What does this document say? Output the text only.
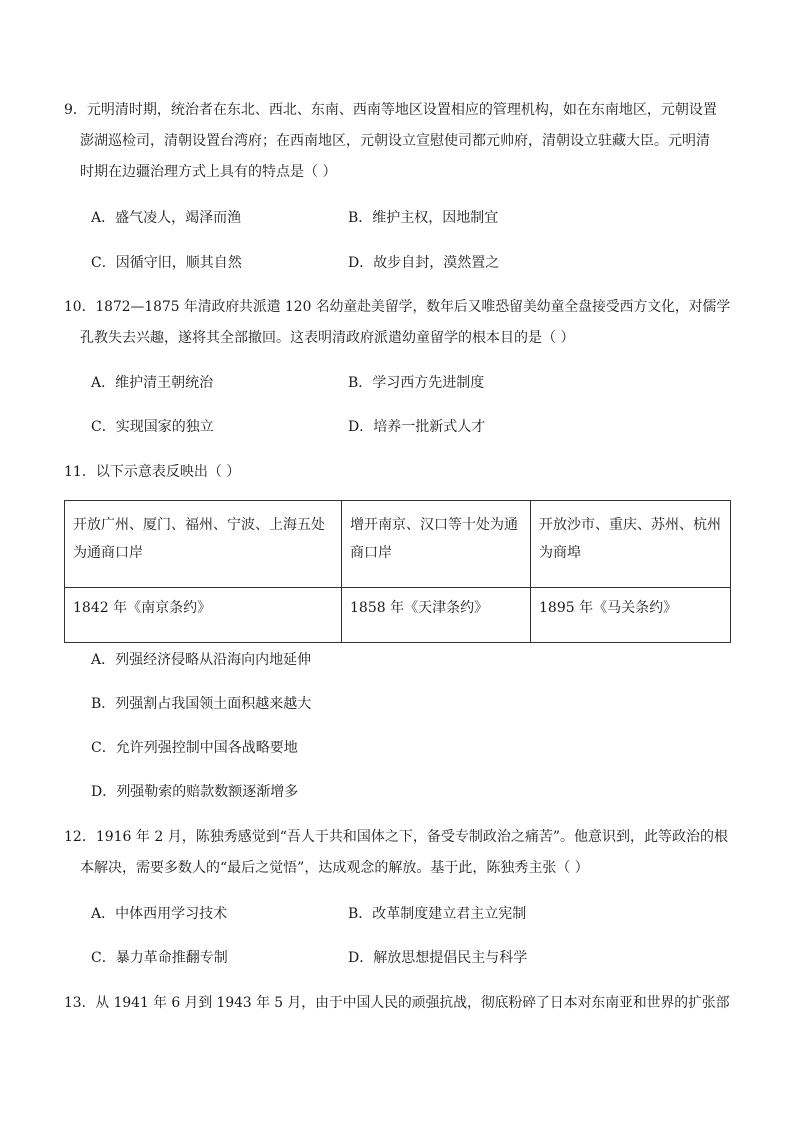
9．元明清时期，统治者在东北、西北、东南、西南等地区设置相应的管理机构，如在东南地区，元朝设置
澎湖巡检司，清朝设置台湾府；在西南地区，元朝设立宣慰使司都元帅府，清朝设立驻藏大臣。元明清
时期在边疆治理方式上具有的特点是（ ）
A．盛气凌人，竭泽而渔	B．维护主权，因地制宜
C．因循守旧，顺其自然	D．故步自封，漠然置之
10．1872—1875 年清政府共派遣 120 名幼童赴美留学，数年后又唯恐留美幼童全盘接受西方文化，对儒学
孔教失去兴趣，遂将其全部撤回。这表明清政府派遣幼童留学的根本目的是（ ）
A．维护清王朝统治	B．学习西方先进制度
C．实现国家的独立	D．培养一批新式人才
11．以下示意表反映出（ ）
开放广州、厦门、福州、宁波、上海五处为通商口岸	增开南京、汉口等十处为通商口岸	开放沙市、重庆、苏州、杭州为商埠
1842 年《南京条约》	1858 年《天津条约》	1895 年《马关条约》
A．列强经济侵略从沿海向内地延伸
B．列强割占我国领土面积越来越大
C．允许列强控制中国各战略要地
D．列强勒索的赔款数额逐渐增多
12．1916 年 2 月，陈独秀感觉到“吾人于共和国体之下，备受专制政治之痛苦”。他意识到，此等政治的根
本解决，需要多数人的“最后之觉悟”，达成观念的解放。基于此，陈独秀主张（ ）
A．中体西用学习技术	B．改革制度建立君主立宪制
C．暴力革命推翻专制	D．解放思想提倡民主与科学
13．从 1941 年 6 月到 1943 年 5 月，由于中国人民的顽强抗战，彻底粉碎了日本对东南亚和世界的扩张部
